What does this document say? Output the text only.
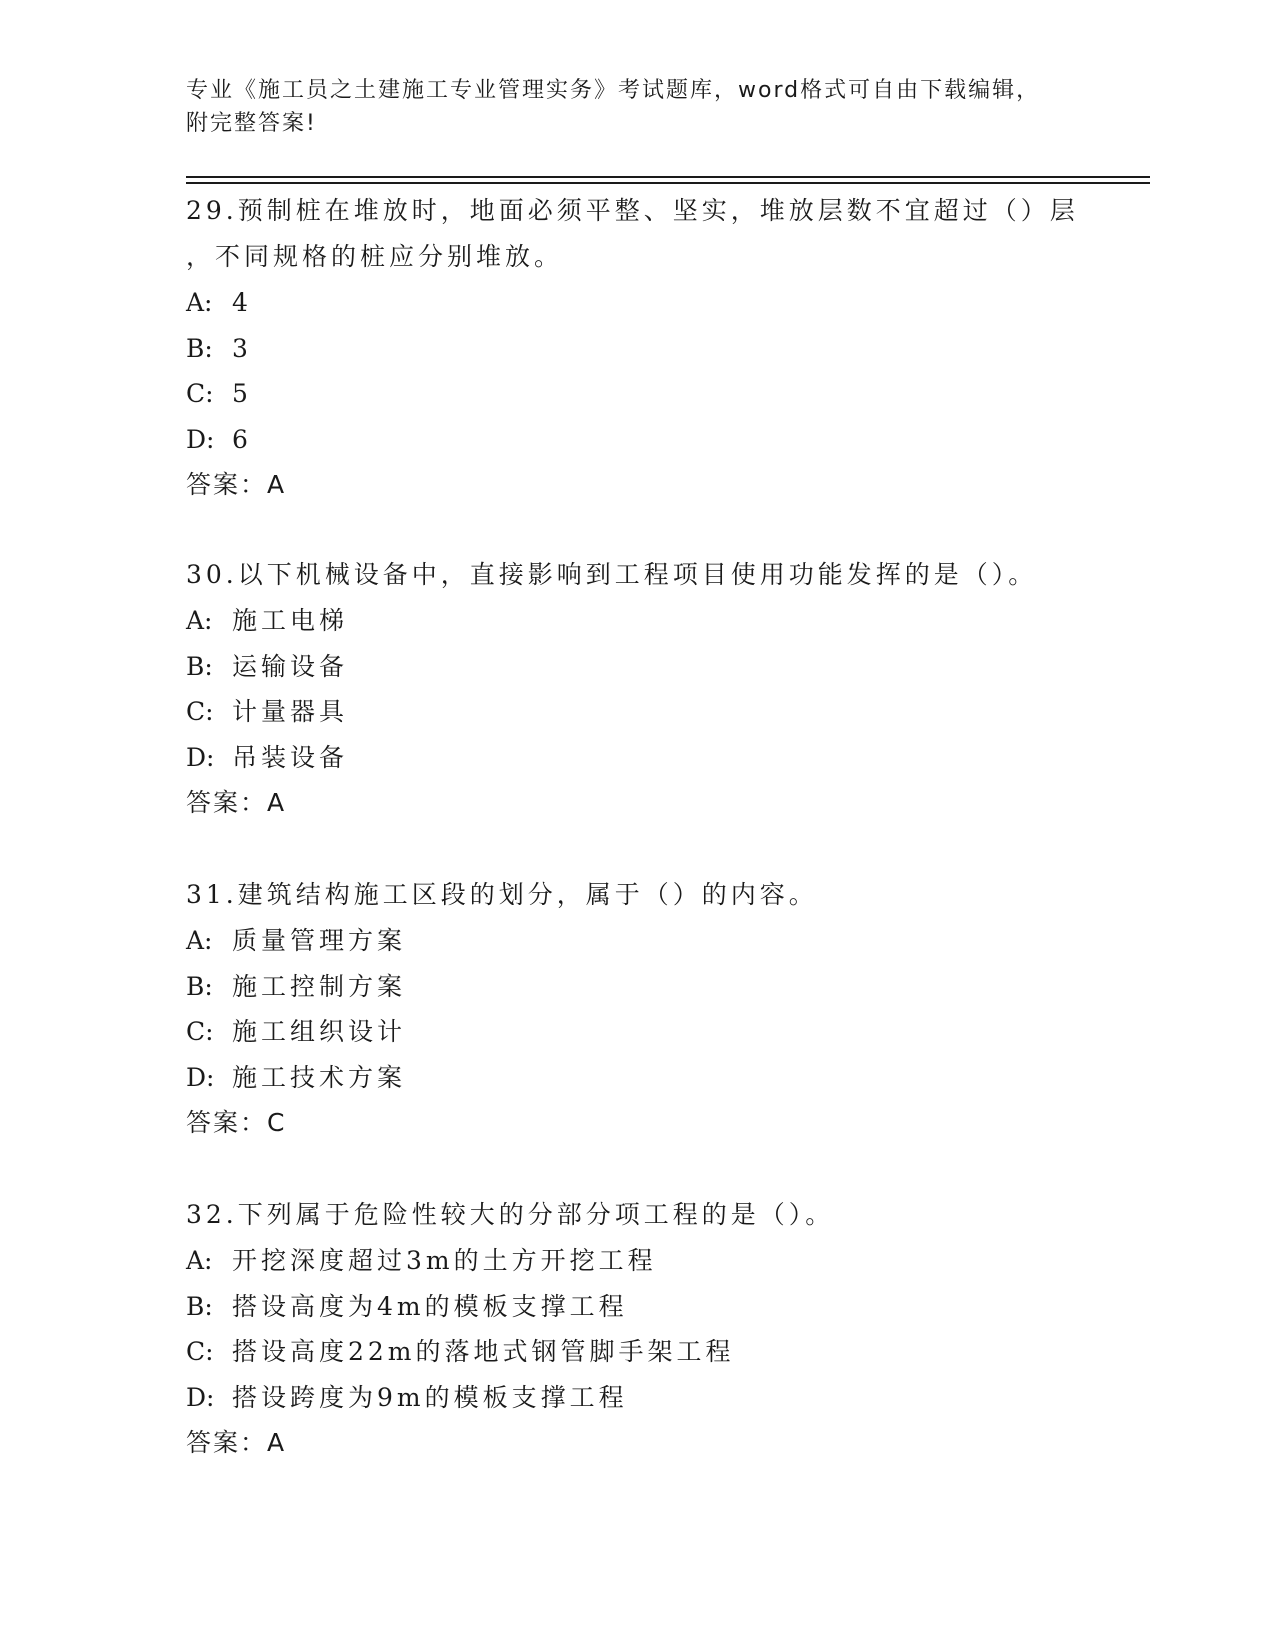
专业《施工员之土建施工专业管理实务》考试题库，word格式可自由下载编辑，
附完整答案!
29.预制桩在堆放时，地面必须平整、坚实，堆放层数不宜超过（）层
，不同规格的桩应分别堆放。
A: 4
B: 3
C: 5
D: 6
答案：A
30.以下机械设备中，直接影响到工程项目使用功能发挥的是（）。
A: 施工电梯
B: 运输设备
C: 计量器具
D: 吊装设备
答案：A
31.建筑结构施工区段的划分，属于（）的内容。
A: 质量管理方案
B: 施工控制方案
C: 施工组织设计
D: 施工技术方案
答案：C
32.下列属于危险性较大的分部分项工程的是（）。
A: 开挖深度超过3m的土方开挖工程
B: 搭设高度为4m的模板支撑工程
C: 搭设高度22m的落地式钢管脚手架工程
D: 搭设跨度为9m的模板支撑工程
答案：A
